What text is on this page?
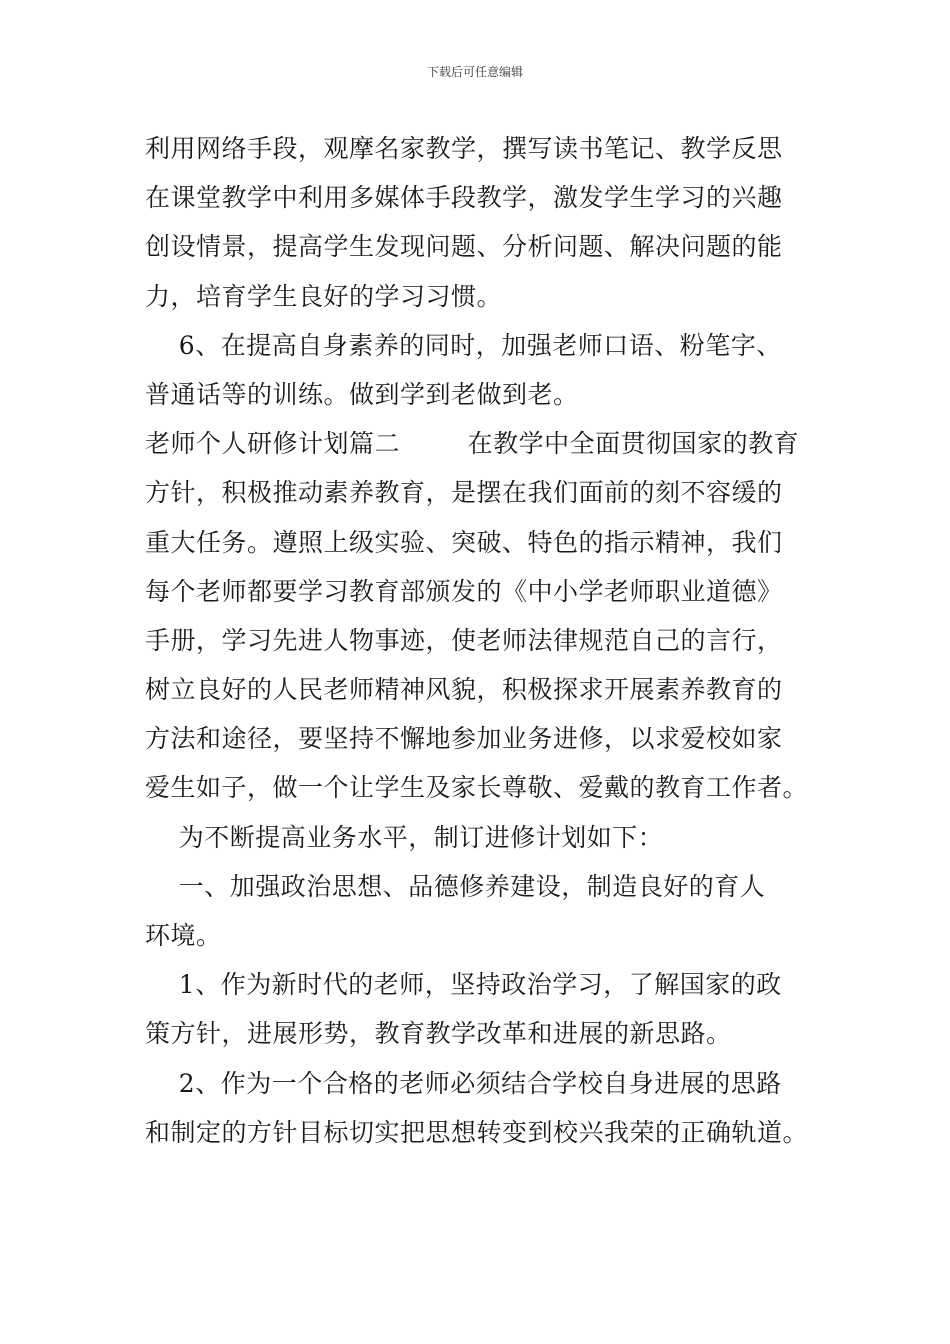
下载后可任意编辑
利用网络手段，观摩名家教学，撰写读书笔记、教学反思
在课堂教学中利用多媒体手段教学，激发学生学习的兴趣
创设情景，提高学生发现问题、分析问题、解决问题的能
力，培育学生良好的学习习惯。
6、在提高自身素养的同时，加强老师口语、粉笔字、
普通话等的训练。做到学到老做到老。
老师个人研修计划篇二        在教学中全面贯彻国家的教育
方针，积极推动素养教育，是摆在我们面前的刻不容缓的
重大任务。遵照上级实验、突破、特色的指示精神，我们
每个老师都要学习教育部颁发的《中小学老师职业道德》
手册，学习先进人物事迹，使老师法律规范自己的言行，
树立良好的人民老师精神风貌，积极探求开展素养教育的
方法和途径，要坚持不懈地参加业务进修，以求爱校如家
爱生如子，做一个让学生及家长尊敬、爱戴的教育工作者。
为不断提高业务水平，制订进修计划如下：
一、加强政治思想、品德修养建设，制造良好的育人
环境。
1、作为新时代的老师，坚持政治学习，了解国家的政
策方针，进展形势，教育教学改革和进展的新思路。
2、作为一个合格的老师必须结合学校自身进展的思路
和制定的方针目标切实把思想转变到校兴我荣的正确轨道。
